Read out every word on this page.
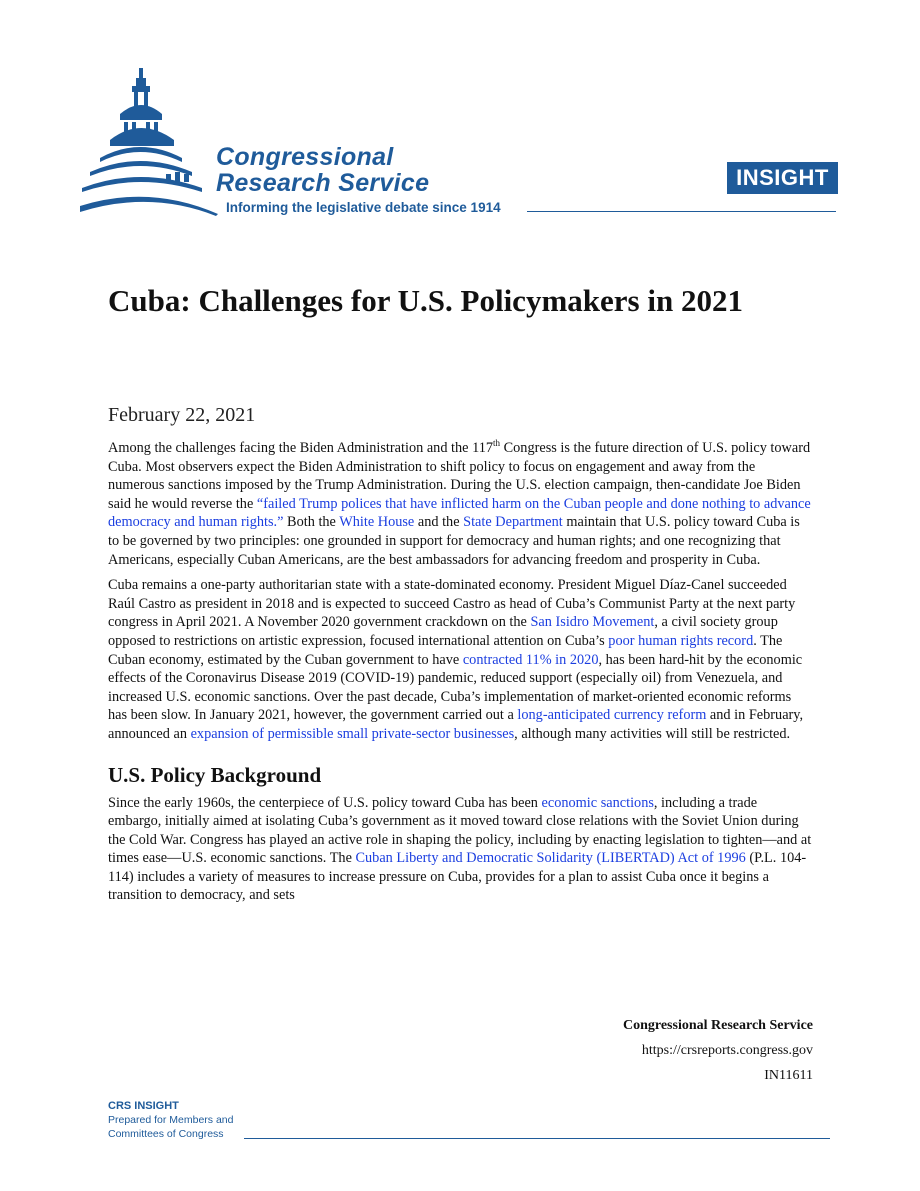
Congressional
Research Service
Informing the legislative debate since 1914
INSIGHT
Cuba: Challenges for U.S. Policymakers in 2021
February 22, 2021

Among the challenges facing the Biden Administration and the 117th Congress is the future direction of U.S. policy toward Cuba. Most observers expect the Biden Administration to shift policy to focus on engagement and away from the numerous sanctions imposed by the Trump Administration. During the U.S. election campaign, then-candidate Joe Biden said he would reverse the “failed Trump polices that have inflicted harm on the Cuban people and done nothing to advance democracy and human rights.” Both the White House and the State Department maintain that U.S. policy toward Cuba is to be governed by two principles: one grounded in support for democracy and human rights; and one recognizing that Americans, especially Cuban Americans, are the best ambassadors for advancing freedom and prosperity in Cuba.

Cuba remains a one-party authoritarian state with a state-dominated economy. President Miguel Díaz-Canel succeeded Raúl Castro as president in 2018 and is expected to succeed Castro as head of Cuba’s Communist Party at the next party congress in April 2021. A November 2020 government crackdown on the San Isidro Movement, a civil society group opposed to restrictions on artistic expression, focused international attention on Cuba’s poor human rights record. The Cuban economy, estimated by the Cuban government to have contracted 11% in 2020, has been hard-hit by the economic effects of the Coronavirus Disease 2019 (COVID-19) pandemic, reduced support (especially oil) from Venezuela, and increased U.S. economic sanctions. Over the past decade, Cuba’s implementation of market-oriented economic reforms has been slow. In January 2021, however, the government carried out a long-anticipated currency reform and in February, announced an expansion of permissible small private-sector businesses, although many activities will still be restricted.

U.S. Policy Background

Since the early 1960s, the centerpiece of U.S. policy toward Cuba has been economic sanctions, including a trade embargo, initially aimed at isolating Cuba’s government as it moved toward close relations with the Soviet Union during the Cold War. Congress has played an active role in shaping the policy, including by enacting legislation to tighten—and at times ease—U.S. economic sanctions. The Cuban Liberty and Democratic Solidarity (LIBERTAD) Act of 1996 (P.L. 104-114) includes a variety of measures to increase pressure on Cuba, provides for a plan to assist Cuba once it begins a transition to democracy, and sets

Congressional Research Service
https://crsreports.congress.gov
IN11611
CRS INSIGHT
Prepared for Members and
Committees of Congress
